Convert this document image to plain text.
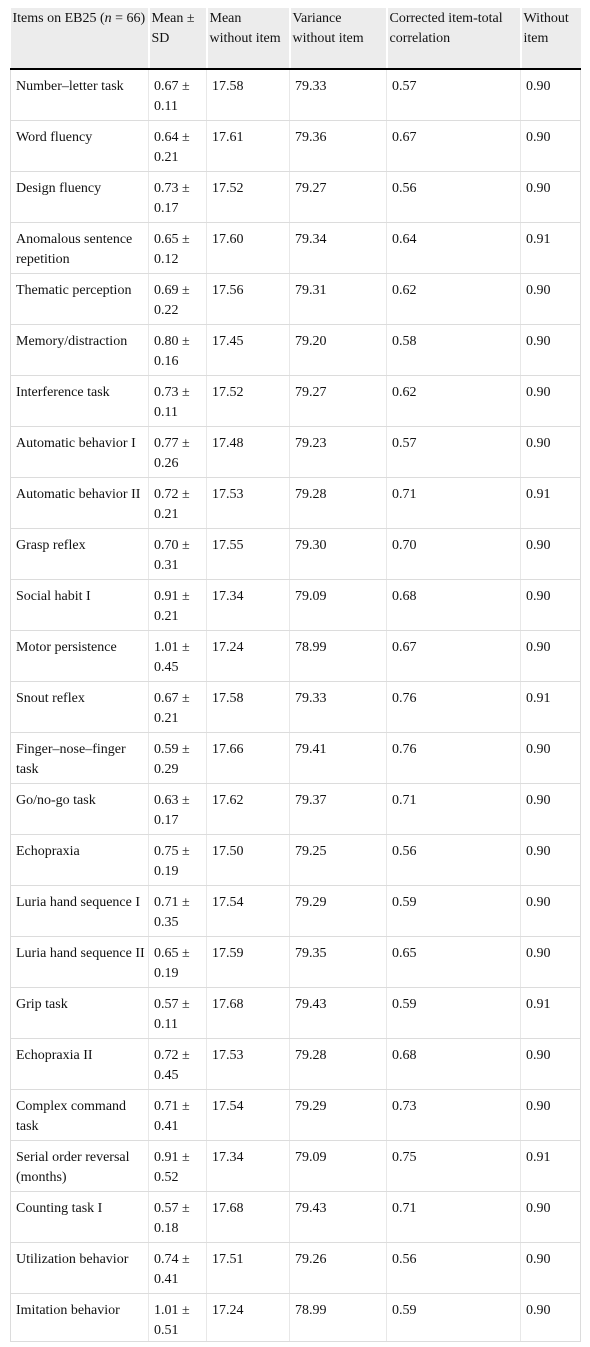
Items on EB25 (n = 66)	Mean ± SD	Mean without item	Variance without item	Corrected item-total correlation	Without item
Number–letter task	0.67 ± 0.11	17.58	79.33	0.57	0.90
Word fluency	0.64 ± 0.21	17.61	79.36	0.67	0.90
Design fluency	0.73 ± 0.17	17.52	79.27	0.56	0.90
Anomalous sentence repetition	0.65 ± 0.12	17.60	79.34	0.64	0.91
Thematic perception	0.69 ± 0.22	17.56	79.31	0.62	0.90
Memory/distraction	0.80 ± 0.16	17.45	79.20	0.58	0.90
Interference task	0.73 ± 0.11	17.52	79.27	0.62	0.90
Automatic behavior I	0.77 ± 0.26	17.48	79.23	0.57	0.90
Automatic behavior II	0.72 ± 0.21	17.53	79.28	0.71	0.91
Grasp reflex	0.70 ± 0.31	17.55	79.30	0.70	0.90
Social habit I	0.91 ± 0.21	17.34	79.09	0.68	0.90
Motor persistence	1.01 ± 0.45	17.24	78.99	0.67	0.90
Snout reflex	0.67 ± 0.21	17.58	79.33	0.76	0.91
Finger–nose–finger task	0.59 ± 0.29	17.66	79.41	0.76	0.90
Go/no-go task	0.63 ± 0.17	17.62	79.37	0.71	0.90
Echopraxia	0.75 ± 0.19	17.50	79.25	0.56	0.90
Luria hand sequence I	0.71 ± 0.35	17.54	79.29	0.59	0.90
Luria hand sequence II	0.65 ± 0.19	17.59	79.35	0.65	0.90
Grip task	0.57 ± 0.11	17.68	79.43	0.59	0.91
Echopraxia II	0.72 ± 0.45	17.53	79.28	0.68	0.90
Complex command task	0.71 ± 0.41	17.54	79.29	0.73	0.90
Serial order reversal (months)	0.91 ± 0.52	17.34	79.09	0.75	0.91
Counting task I	0.57 ± 0.18	17.68	79.43	0.71	0.90
Utilization behavior	0.74 ± 0.41	17.51	79.26	0.56	0.90
Imitation behavior	1.01 ± 0.51	17.24	78.99	0.59	0.90
